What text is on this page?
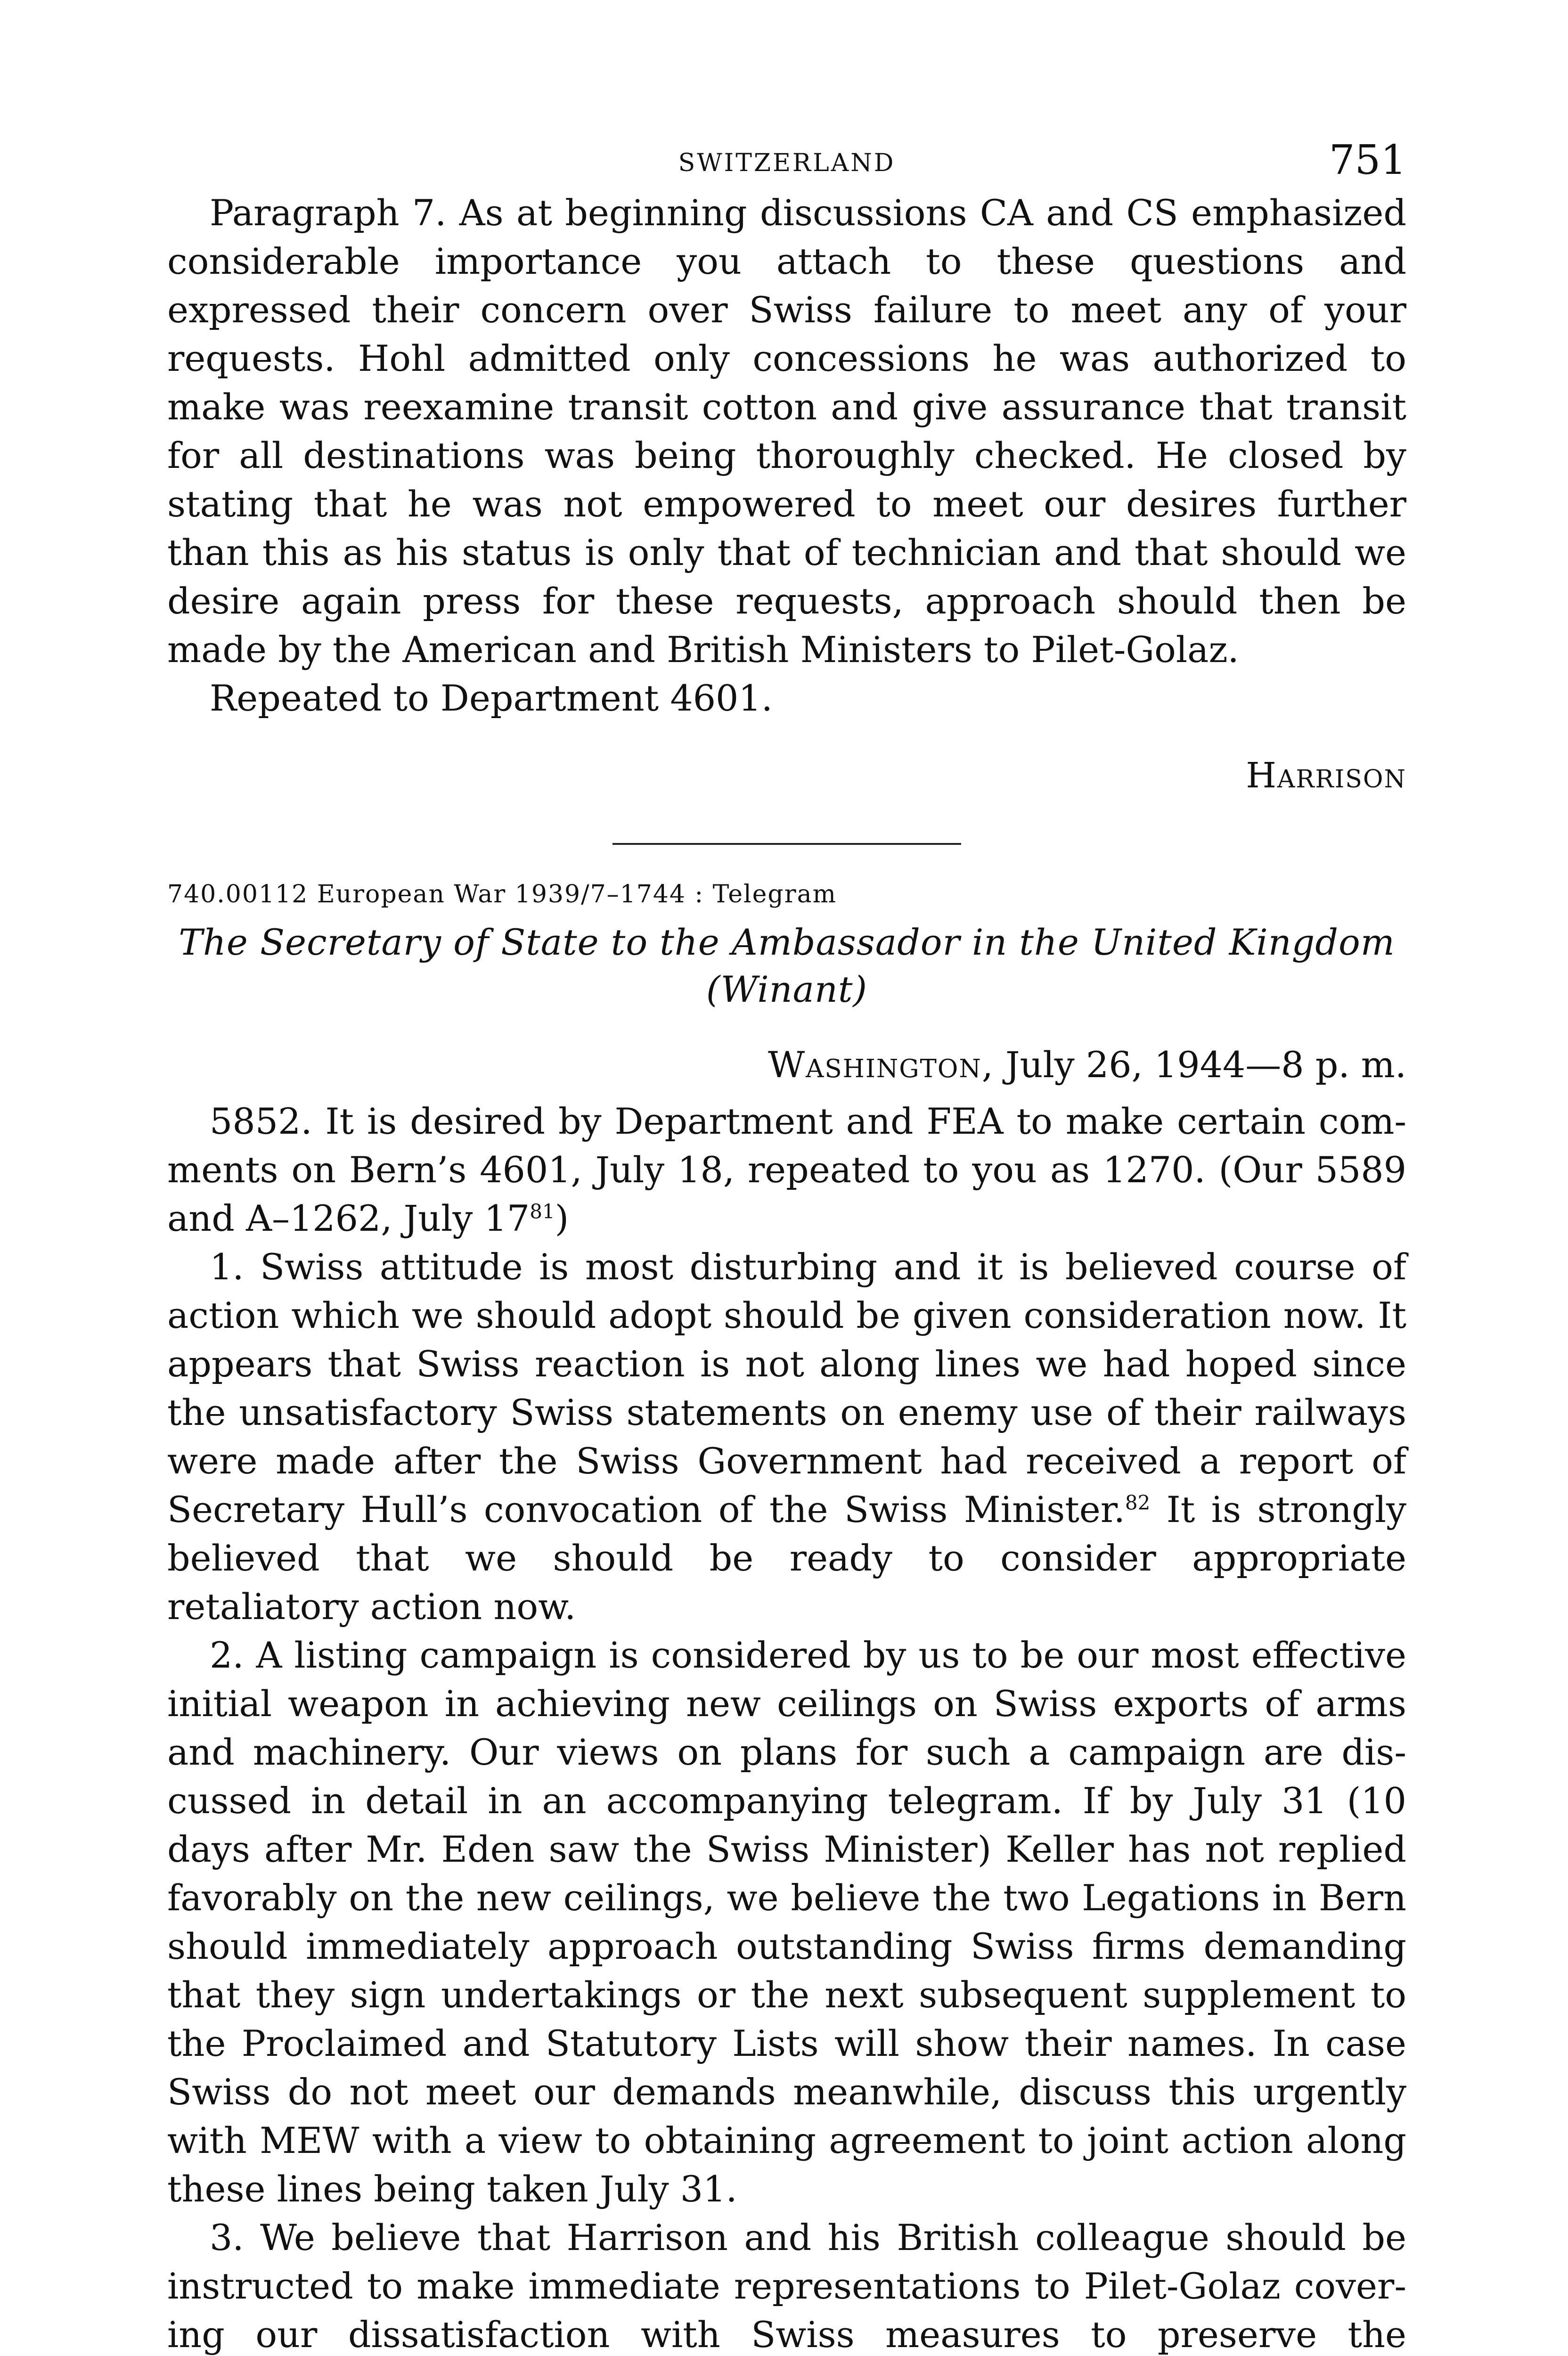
SWITZERLAND	751

Paragraph 7. As at beginning discussions CA and CS emphasized considerable importance you attach to these questions and expressed their concern over Swiss failure to meet any of your requests. Hohl admitted only concessions he was authorized to make was reexamine transit cotton and give assurance that transit for all destinations was being thoroughly checked. He closed by stating that he was not empowered to meet our desires further than this as his status is only that of technician and that should we desire again press for these requests, approach should then be made by the American and British Ministers to Pilet-Golaz.

Repeated to Department 4601.

Harrison
740.00112 European War 1939/7–1744 : Telegram
The Secretary of State to the Ambassador in the United Kingdom
(Winant)
Washington, July 26, 1944—8 p. m.

5852. It is desired by Department and FEA to make certain comments on Bern’s 4601, July 18, repeated to you as 1270. (Our 5589 and A–1262, July $17^{81}$)

1. Swiss attitude is most disturbing and it is believed course of action which we should adopt should be given consideration now. It appears that Swiss reaction is not along lines we had hoped since the unsatisfactory Swiss statements on enemy use of their railways were made after the Swiss Government had received a report of Secretary Hull’s convocation of the Swiss Minister.$^{82}$ It is strongly believed that we should be ready to consider appropriate retaliatory action now.

2. A listing campaign is considered by us to be our most effective initial weapon in achieving new ceilings on Swiss exports of arms and machinery. Our views on plans for such a campaign are discussed in detail in an accompanying telegram. If by July 31 (10 days after Mr. Eden saw the Swiss Minister) Keller has not replied favorably on the new ceilings, we believe the two Legations in Bern should immediately approach outstanding Swiss firms demanding that they sign undertakings or the next subsequent supplement to the Proclaimed and Statutory Lists will show their names. In case Swiss do not meet our demands meanwhile, discuss this urgently with MEW with a view to obtaining agreement to joint action along these lines being taken July 31.

3. We believe that Harrison and his British colleague should be instructed to make immediate representations to Pilet-Golaz covering our dissatisfaction with Swiss measures to preserve the
